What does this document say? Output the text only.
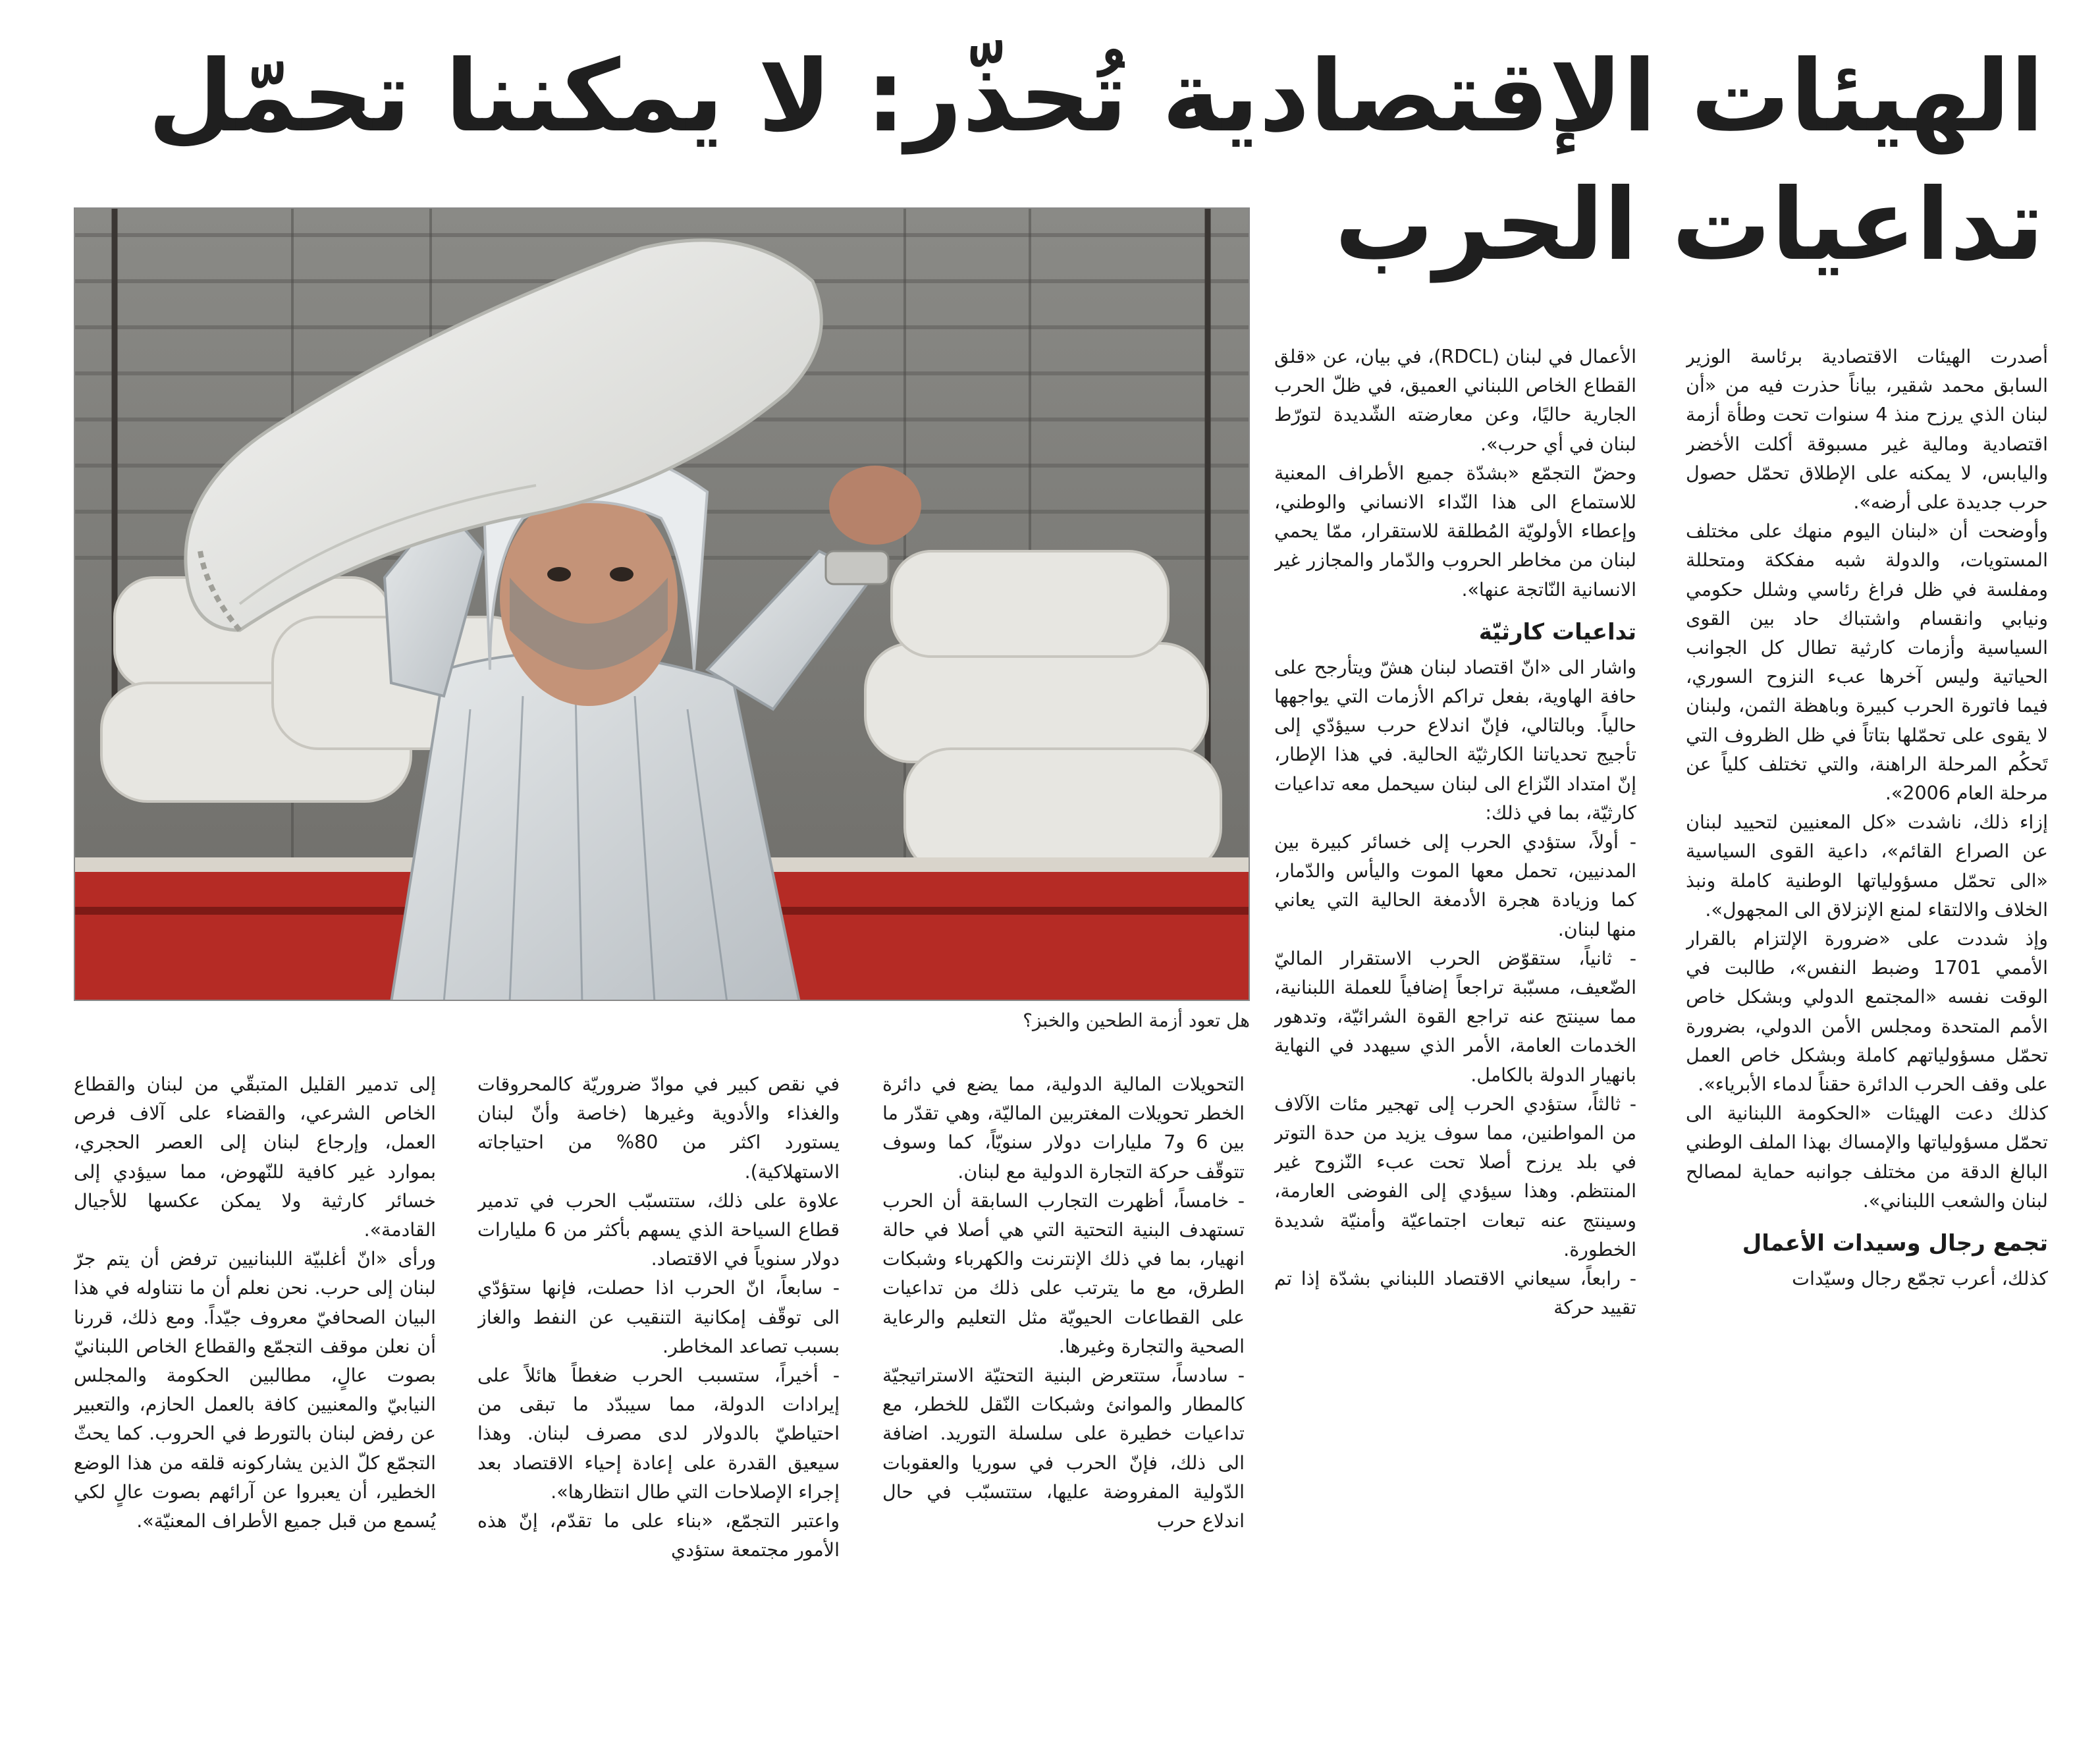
الهيئات الإقتصادية تُحذّر: لا يمكننا تحمّل
تداعيات الحرب
هل تعود أزمة الطحين والخبز؟

أصدرت الهيئات الاقتصادية برئاسة الوزير السابق محمد شقير، بياناً حذرت فيه من «أن لبنان الذي يرزح منذ 4 سنوات تحت وطأة أزمة اقتصادية ومالية غير مسبوقة أكلت الأخضر واليابس، لا يمكنه على الإطلاق تحمّل حصول حرب جديدة على أرضه».

وأوضحت أن «لبنان اليوم منهك على مختلف المستويات، والدولة شبه مفككة ومتحللة ومفلسة في ظل فراغ رئاسي وشلل حكومي ونيابي وانقسام واشتباك حاد بين القوى السياسية وأزمات كارثية تطال كل الجوانب الحياتية وليس آخرها عبء النزوح السوري، فيما فاتورة الحرب كبيرة وباهظة الثمن، ولبنان لا يقوى على تحمّلها بتاتاً في ظل الظروف التي تَحكُم المرحلة الراهنة، والتي تختلف كلياً عن مرحلة العام 2006».

إزاء ذلك، ناشدت «كل المعنيين لتحييد لبنان عن الصراع القائم»، داعية القوى السياسية «الى تحمّل مسؤولياتها الوطنية كاملة ونبذ الخلاف والالتقاء لمنع الإنزلاق الى المجهول».

وإذ شددت على «ضرورة الإلتزام بالقرار الأممي 1701 وضبط النفس»، طالبت في الوقت نفسه «المجتمع الدولي وبشكل خاص الأمم المتحدة ومجلس الأمن الدولي، بضرورة تحمّل مسؤولياتهم كاملة وبشكل خاص العمل على وقف الحرب الدائرة حقناً لدماء الأبرياء».

كذلك دعت الهيئات «الحكومة اللبنانية الى تحمّل مسؤولياتها والإمساك بهذا الملف الوطني البالغ الدقة من مختلف جوانبه حماية لمصالح لبنان والشعب اللبناني».

تجمع رجال وسيدات الأعمال

كذلك، أعرب تجمّع رجال وسيّدات

الأعمال في لبنان (RDCL)، في بيان، عن «قلق القطاع الخاص اللبناني العميق، في ظلّ الحرب الجارية حاليًا، وعن معارضته الشّديدة لتورّط لبنان في أي حرب».

وحضّ التجمّع «بشدّة جميع الأطراف المعنية للاستماع الى هذا النّداء الانساني والوطني، وإعطاء الأولويّة المُطلقة للاستقرار، ممّا يحمي لبنان من مخاطر الحروب والدّمار والمجازر غير الانسانية النّاتجة عنها».

تداعيات كارثيّة

واشار الى «انّ اقتصاد لبنان هشّ ويتأرجح على حافة الهاوية، بفعل تراكم الأزمات التي يواجهها حالياً. وبالتالي، فإنّ اندلاع حرب سيؤدّي إلى تأجيج تحدياتنا الكارثيّة الحالية. في هذا الإطار، إنّ امتداد النّزاع الى لبنان سيحمل معه تداعيات كارثيّة، بما في ذلك:

- أولاً، ستؤدي الحرب إلى خسائر كبيرة بين المدنيين، تحمل معها الموت واليأس والدّمار، كما وزيادة هجرة الأدمغة الحالية التي يعاني منها لبنان.

- ثانياً، ستقوّض الحرب الاستقرار الماليّ الضّعيف، مسبّبة تراجعاً إضافياً للعملة اللبنانية، مما سينتج عنه تراجع القوة الشرائيّة، وتدهور الخدمات العامة، الأمر الذي سيهدد في النهاية بانهيار الدولة بالكامل.

- ثالثاً، ستؤدي الحرب إلى تهجير مئات الآلاف من المواطنين، مما سوف يزيد من حدة التوتر في بلد يرزح أصلا تحت عبء النّزوح غير المنتظم. وهذا سيؤدي إلى الفوضى العارمة، وسينتج عنه تبعات اجتماعيّة وأمنيّة شديدة الخطورة.

- رابعاً، سيعاني الاقتصاد اللبناني بشدّة إذا تم تقييد حركة

التحويلات المالية الدولية، مما يضع في دائرة الخطر تحويلات المغتربين الماليّة، وهي تقدّر ما بين 6 و7 مليارات دولار سنويّاً، كما وسوف تتوقّف حركة التجارة الدولية مع لبنان.

- خامساً، أظهرت التجارب السابقة أن الحرب تستهدف البنية التحتية التي هي أصلا في حالة انهيار، بما في ذلك الإنترنت والكهرباء وشبكات الطرق، مع ما يترتب على ذلك من تداعيات على القطاعات الحيويّة مثل التعليم والرعاية الصحية والتجارة وغيرها.

- سادساً، ستتعرض البنية التحتيّة الاستراتيجيّة كالمطار والموانئ وشبكات النّقل للخطر، مع تداعيات خطيرة على سلسلة التوريد. اضافة الى ذلك، فإنّ الحرب في سوريا والعقوبات الدّولية المفروضة عليها، ستتسبّب في حال اندلاع حرب

في نقص كبير في موادّ ضروريّة كالمحروقات والغذاء والأدوية وغيرها (خاصة وأنّ لبنان يستورد اكثر من 80% من احتياجاته الاستهلاكية).

علاوة على ذلك، ستتسبّب الحرب في تدمير قطاع السياحة الذي يسهم بأكثر من 6 مليارات دولار سنوياً في الاقتصاد.

- سابعاً، انّ الحرب اذا حصلت، فإنها ستؤدّي الى توقّف إمكانية التنقيب عن النفط والغاز بسبب تصاعد المخاطر.

- أخيراً، ستسبب الحرب ضغطاً هائلاً على إيرادات الدولة، مما سيبدّد ما تبقى من احتياطيّ بالدولار لدى مصرف لبنان. وهذا سيعيق القدرة على إعادة إحياء الاقتصاد بعد إجراء الإصلاحات التي طال انتظارها».

واعتبر التجمّع، «بناء على ما تقدّم، إنّ هذه الأمور مجتمعة ستؤدي

إلى تدمير القليل المتبقّي من لبنان والقطاع الخاص الشرعي، والقضاء على آلاف فرص العمل، وإرجاع لبنان إلى العصر الحجري، بموارد غير كافية للنّهوض، مما سيؤدي إلى خسائر كارثية ولا يمكن عكسها للأجيال القادمة».

ورأى «انّ أغلبيّة اللبنانيين ترفض أن يتم جرّ لبنان إلى حرب. نحن نعلم أن ما نتناوله في هذا البيان الصحافيّ معروف جيّداً. ومع ذلك، قررنا أن نعلن موقف التجمّع والقطاع الخاص اللبنانيّ بصوت عالٍ، مطالبين الحكومة والمجلس النيابيّ والمعنيين كافة بالعمل الحازم، والتعبير عن رفض لبنان بالتورط في الحروب. كما يحثّ التجمّع كلّ الذين يشاركونه قلقه من هذا الوضع الخطير، أن يعبروا عن آرائهم بصوت عالٍ لكي يُسمع من قبل جميع الأطراف المعنيّة».
